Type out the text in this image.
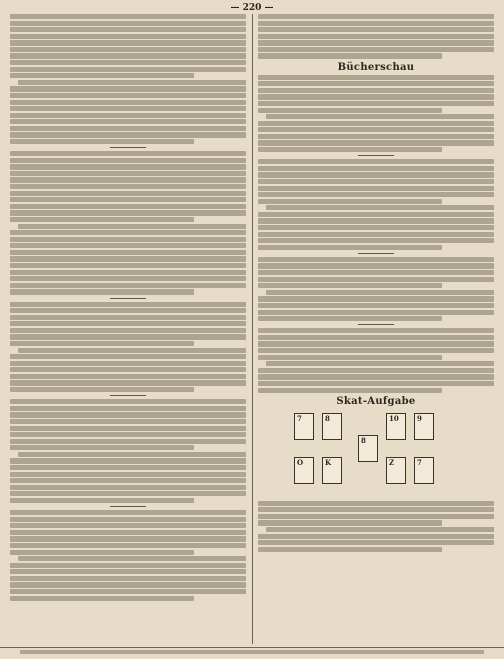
— 220 —
Bücherschau
Skat-Aufgabe
7	8	10	9
O	K	Z	7
8
